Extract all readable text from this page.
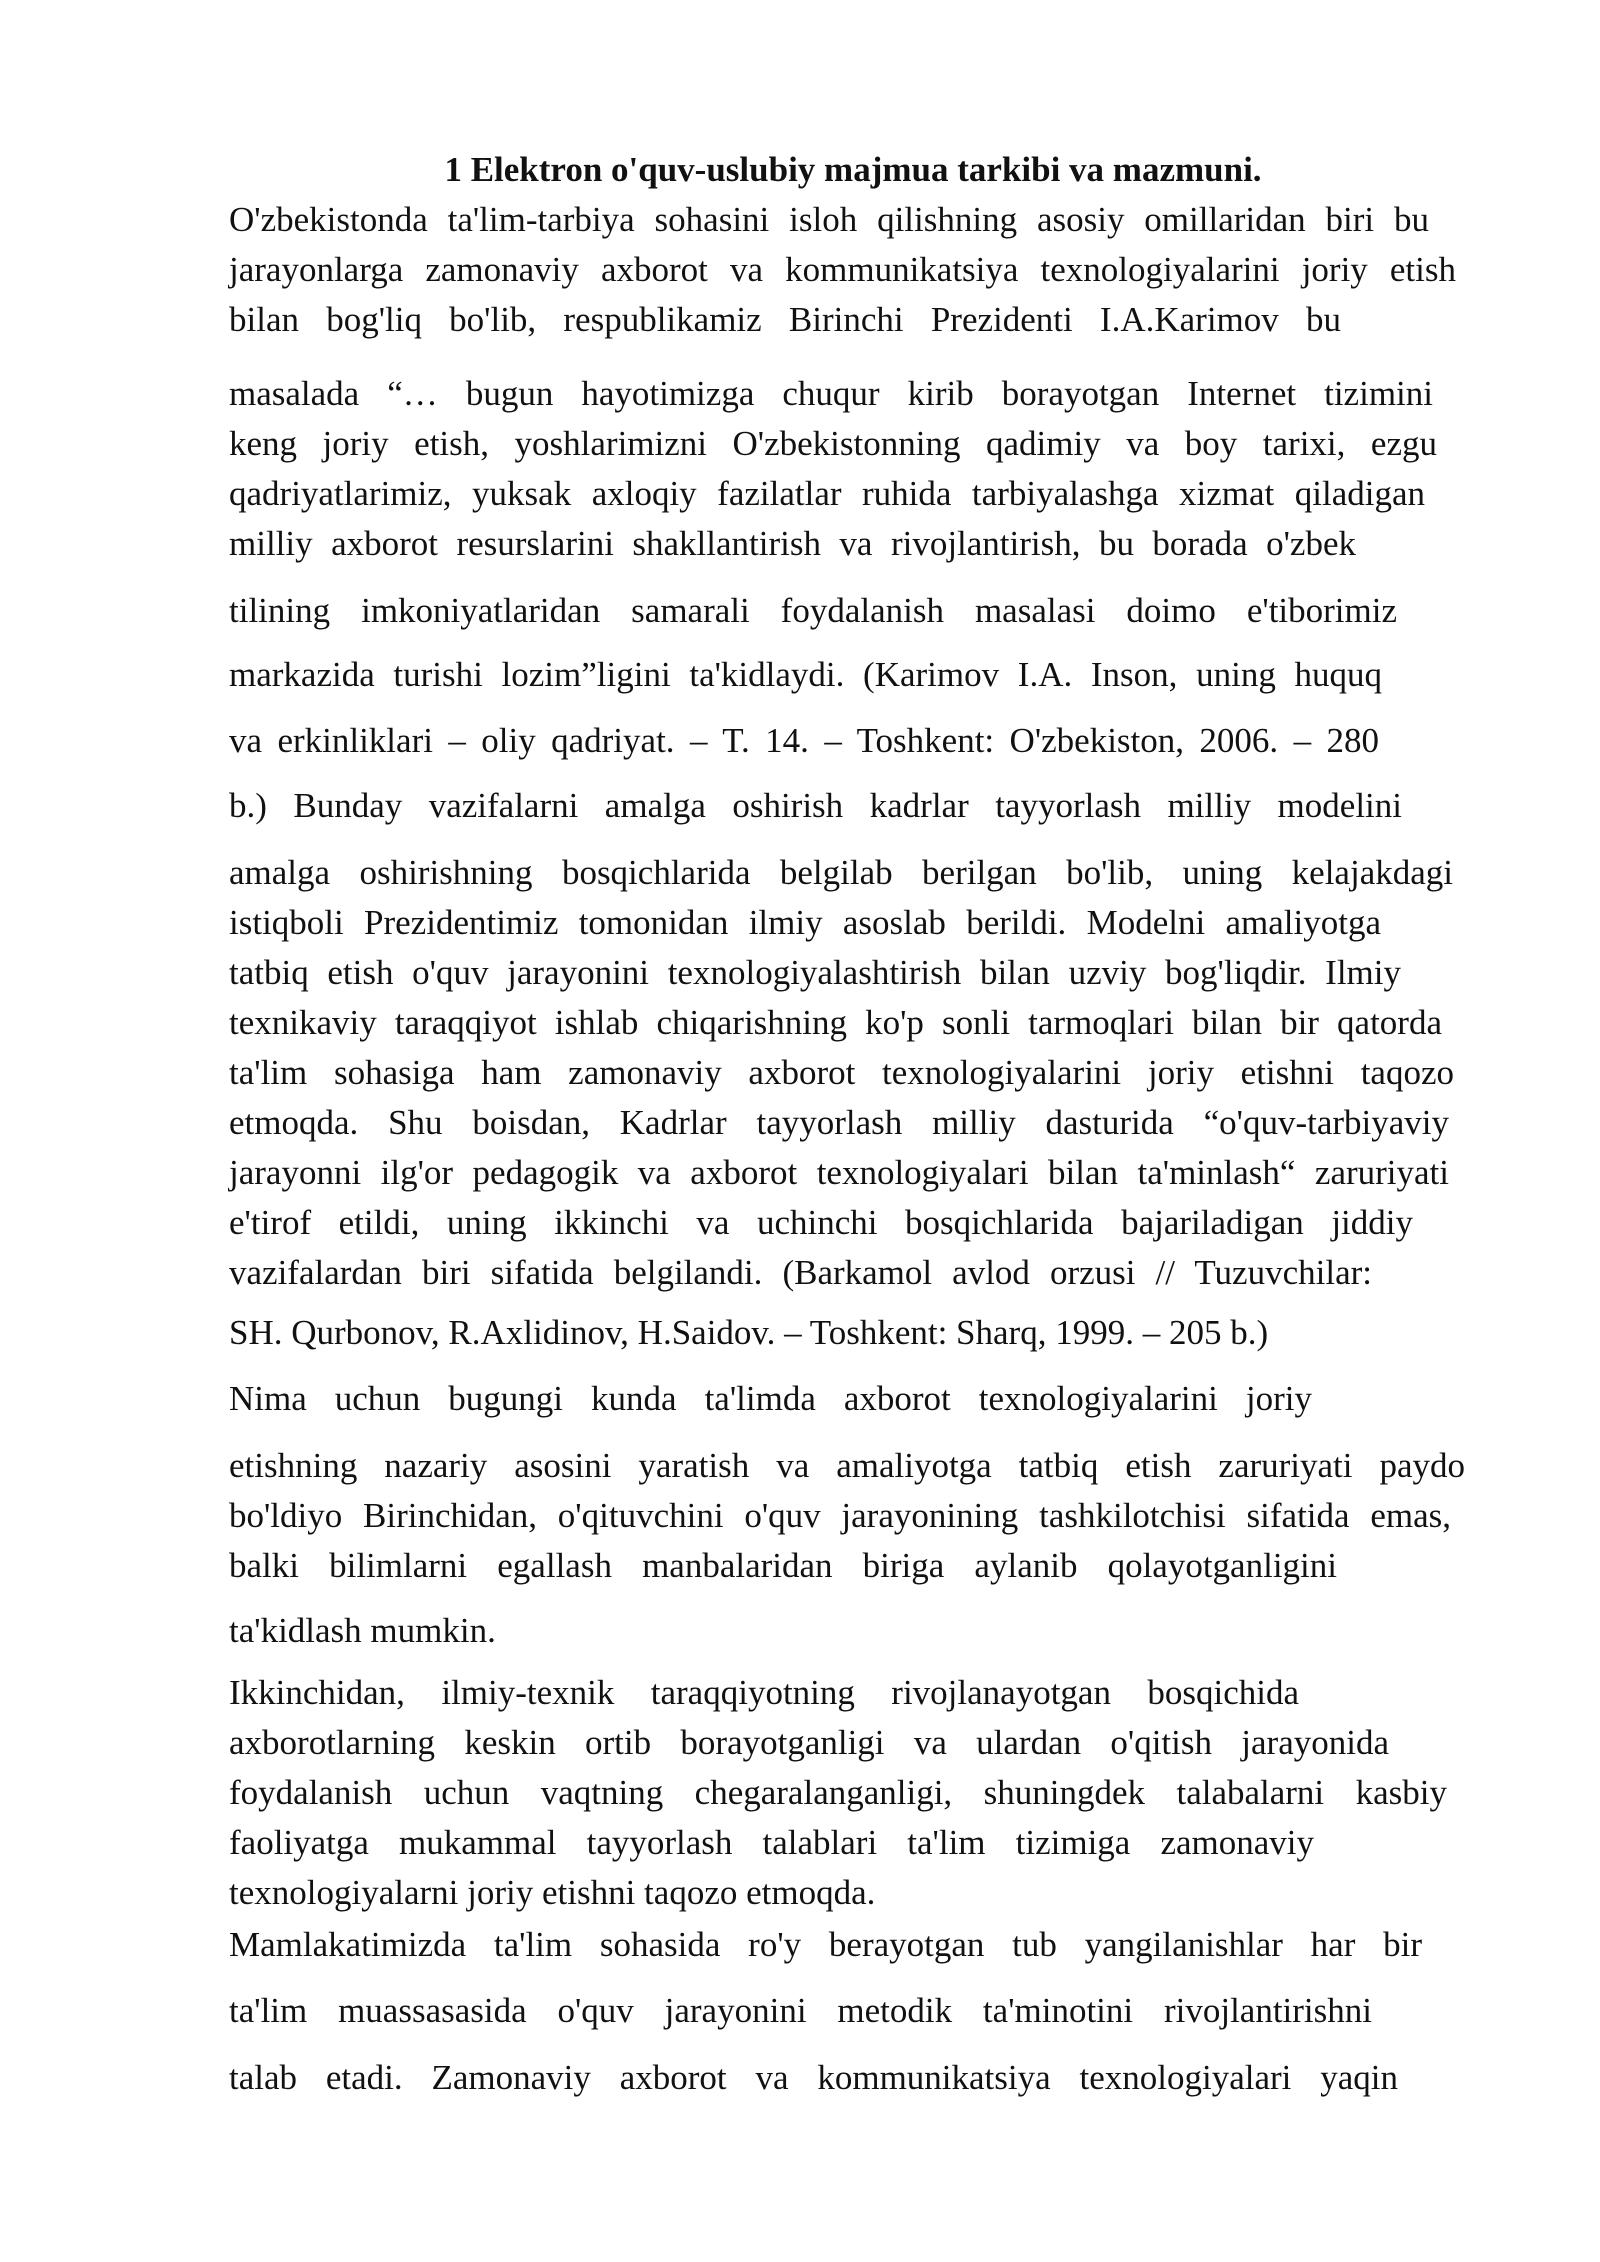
1 Elektron o'quv-uslubiy majmua tarkibi va mazmuni.
O'zbekistonda ta'lim-tarbiya sohasini isloh qilishning asosiy omillaridan biri bu
jarayonlarga zamonaviy axborot va kommunikatsiya texnologiyalarini joriy etish
bilan bog'liq bo'lib, respublikamiz Birinchi Prezidenti I.A.Karimov bu
masalada “… bugun hayotimizga chuqur kirib borayotgan Internet tizimini
keng joriy etish, yoshlarimizni O'zbekistonning qadimiy va boy tarixi, ezgu
qadriyatlarimiz, yuksak axloqiy fazilatlar ruhida tarbiyalashga xizmat qiladigan
milliy axborot resurslarini shakllantirish va rivojlantirish, bu borada o'zbek
tilining imkoniyatlaridan samarali foydalanish masalasi doimo e'tiborimiz
markazida turishi lozim”ligini ta'kidlaydi. (Karimov I.A. Inson, uning huquq
va erkinliklari – oliy qadriyat. – T. 14. – Toshkent: O'zbekiston, 2006. – 280
b.) Bunday vazifalarni amalga oshirish kadrlar tayyorlash milliy modelini
amalga oshirishning bosqichlarida belgilab berilgan bo'lib, uning kelajakdagi
istiqboli Prezidentimiz tomonidan ilmiy asoslab berildi. Modelni amaliyotga
tatbiq etish o'quv jarayonini texnologiyalashtirish bilan uzviy bog'liqdir. Ilmiy
texnikaviy taraqqiyot ishlab chiqarishning ko'p sonli tarmoqlari bilan bir qatorda
ta'lim sohasiga ham zamonaviy axborot texnologiyalarini joriy etishni taqozo
etmoqda. Shu boisdan, Kadrlar tayyorlash milliy dasturida “o'quv-tarbiyaviy
jarayonni ilg'or pedagogik va axborot texnologiyalari bilan ta'minlash“ zaruriyati
e'tirof etildi, uning ikkinchi va uchinchi bosqichlarida bajariladigan jiddiy
vazifalardan biri sifatida belgilandi. (Barkamol avlod orzusi // Tuzuvchilar:
SH. Qurbonov, R.Axlidinov, H.Saidov. – Toshkent: Sharq, 1999. – 205 b.)
Nima uchun bugungi kunda ta'limda axborot texnologiyalarini joriy
etishning nazariy asosini yaratish va amaliyotga tatbiq etish zaruriyati paydo
bo'ldiyo Birinchidan, o'qituvchini o'quv jarayonining tashkilotchisi sifatida emas,
balki bilimlarni egallash manbalaridan biriga aylanib qolayotganligini
ta'kidlash mumkin.
Ikkinchidan, ilmiy-texnik taraqqiyotning rivojlanayotgan bosqichida
axborotlarning keskin ortib borayotganligi va ulardan o'qitish jarayonida
foydalanish uchun vaqtning chegaralanganligi, shuningdek talabalarni kasbiy
faoliyatga mukammal tayyorlash talablari ta'lim tizimiga zamonaviy
texnologiyalarni joriy etishni taqozo etmoqda.
Mamlakatimizda ta'lim sohasida ro'y berayotgan tub yangilanishlar har bir
ta'lim muassasasida o'quv jarayonini metodik ta'minotini rivojlantirishni
talab etadi. Zamonaviy axborot va kommunikatsiya texnologiyalari yaqin
